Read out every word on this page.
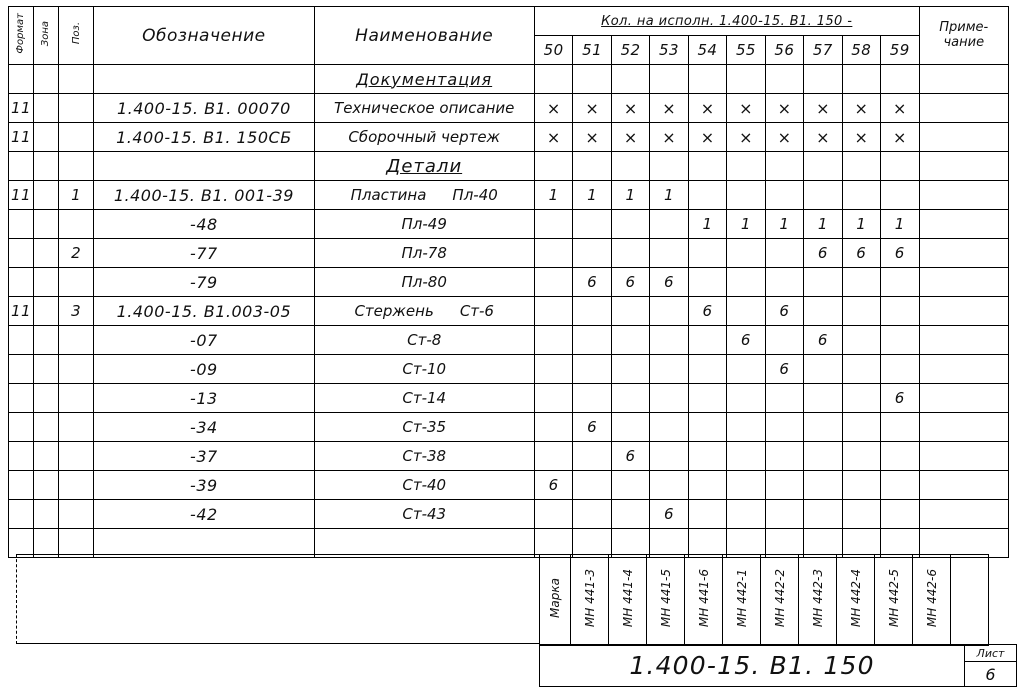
Формат	Зона	Поз.	Обозначение	Наименование	Кол. на исполн. 1.400-15. В1. 150 -										Приме-
чание

					50	51	52	53	54	55	56	57	58	59	
				Документация											
11			1.400-15. В1. 00070	Техническое описание	×	×	×	×	×	×	×	×	×	×	
11			1.400-15. В1. 150СБ	Сборочный чертеж	×	×	×	×	×	×	×	×	×	×	
				Детали											
11		1	1.400-15. В1. 001-39	Пластина Пл-40	1	1	1	1							
			-48	Пл-49					1	1	1	1	1	1	
		2	-77	Пл-78								6	6	6	
			-79	Пл-80		6	6	6							
11		3	1.400-15. В1.003-05	Стержень Ст-6					6		6				
			-07	Ст-8						6		6			
			-09	Ст-10							6				
			-13	Ст-14										6	
			-34	Ст-35		6									
			-37	Ст-38			6								
			-39	Ст-40	6										
			-42	Ст-43				6							

Марка	МН 441-3	МН 441-4	МН 441-5	МН 441-6	МН 442-1	МН 442-2	МН 442-3	МН 442-4	МН 442-5	МН 442-6	
1.400-15. В1. 150	Лист
6
